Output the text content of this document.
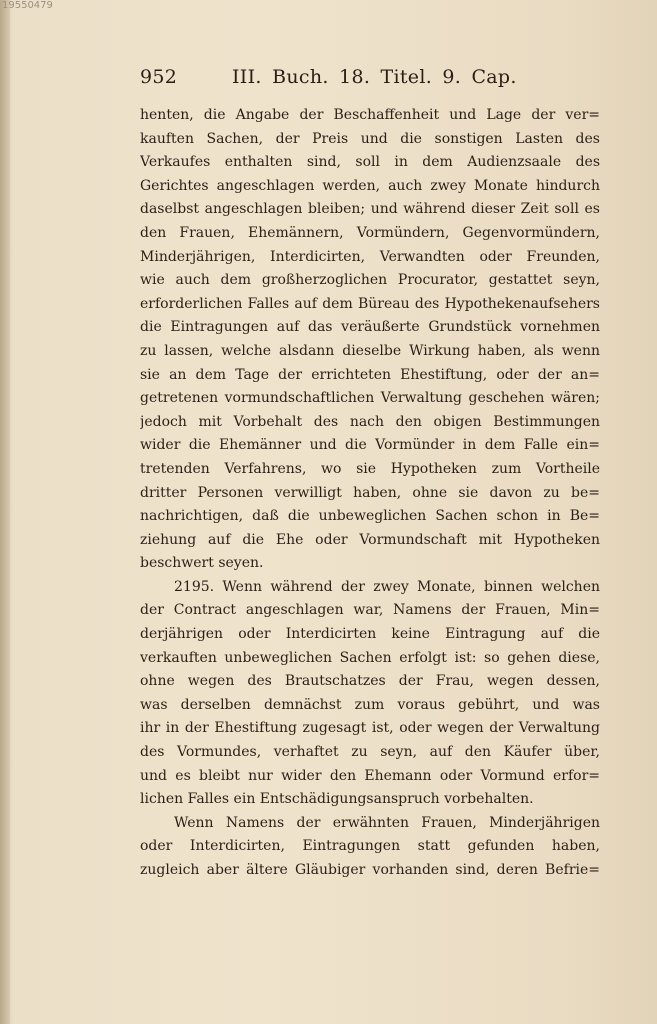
19550479
952	III. Buch. 18. Titel. 9. Cap.
henten, die Angabe der Beschaffenheit und Lage der ver=
kauften Sachen, der Preis und die sonstigen Lasten des
Verkaufes enthalten sind, soll in dem Audienzsaale des
Gerichtes angeschlagen werden, auch zwey Monate hindurch
daselbst angeschlagen bleiben; und während dieser Zeit soll es
den Frauen, Ehemännern, Vormündern, Gegenvormündern,
Minderjährigen, Interdicirten, Verwandten oder Freunden,
wie auch dem großherzoglichen Procurator, gestattet seyn,
erforderlichen Falles auf dem Büreau des Hypothekenaufsehers
die Eintragungen auf das veräußerte Grundstück vornehmen
zu lassen, welche alsdann dieselbe Wirkung haben, als wenn
sie an dem Tage der errichteten Ehestiftung, oder der an=
getretenen vormundschaftlichen Verwaltung geschehen wären;
jedoch mit Vorbehalt des nach den obigen Bestimmungen
wider die Ehemänner und die Vormünder in dem Falle ein=
tretenden Verfahrens, wo sie Hypotheken zum Vortheile
dritter Personen verwilligt haben, ohne sie davon zu be=
nachrichtigen, daß die unbeweglichen Sachen schon in Be=
ziehung auf die Ehe oder Vormundschaft mit Hypotheken
beschwert seyen.
2195. Wenn während der zwey Monate, binnen welchen
der Contract angeschlagen war, Namens der Frauen, Min=
derjährigen oder Interdicirten keine Eintragung auf die
verkauften unbeweglichen Sachen erfolgt ist: so gehen diese,
ohne wegen des Brautschatzes der Frau, wegen dessen,
was derselben demnächst zum voraus gebührt, und was
ihr in der Ehestiftung zugesagt ist, oder wegen der Verwaltung
des Vormundes, verhaftet zu seyn, auf den Käufer über,
und es bleibt nur wider den Ehemann oder Vormund erfor=
lichen Falles ein Entschädigungsanspruch vorbehalten.
Wenn Namens der erwähnten Frauen, Minderjährigen
oder Interdicirten, Eintragungen statt gefunden haben,
zugleich aber ältere Gläubiger vorhanden sind, deren Befrie=
